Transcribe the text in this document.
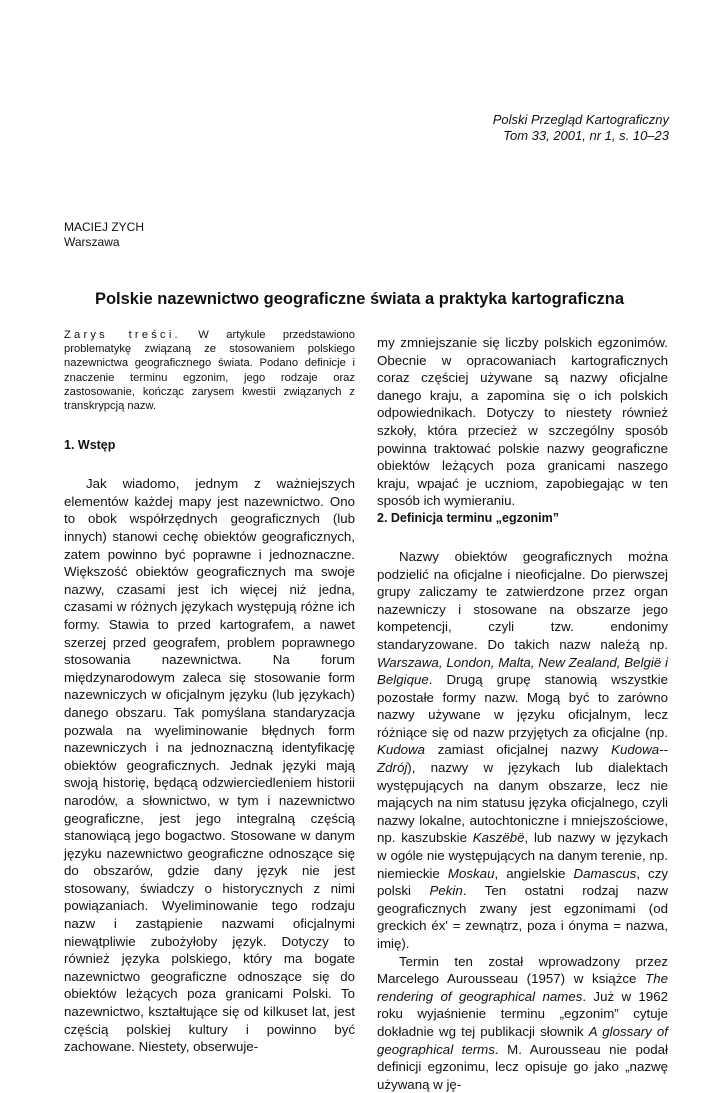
Polski Przegląd Kartograficzny
Tom 33, 2001, nr 1, s. 10–23
MACIEJ ZYCH
Warszawa
Polskie nazewnictwo geograficzne świata a praktyka kartograficzna

Zarys treści. W artykule przedstawiono problematykę związaną ze stosowaniem polskiego nazewnictwa geograficznego świata. Podano definicje i znaczenie terminu egzonim, jego rodzaje oraz zastosowanie, kończąc zarysem kwestii związanych z transkrypcją nazw.

1. Wstęp

Jak wiadomo, jednym z ważniejszych elementów każdej mapy jest nazewnictwo. Ono to obok współrzędnych geograficznych (lub innych) stanowi cechę obiektów geograficznych, zatem powinno być poprawne i jednoznaczne. Większość obiektów geograficznych ma swoje nazwy, czasami jest ich więcej niż jedna, czasami w różnych językach występują różne ich formy. Stawia to przed kartografem, a nawet szerzej przed geografem, problem poprawnego stosowania nazewnictwa. Na forum międzynarodowym zaleca się stosowanie form nazewniczych w oficjalnym języku (lub językach) danego obszaru. Tak pomyślana standaryzacja pozwala na wyeliminowanie błędnych form nazewniczych i na jednoznaczną identyfikację obiektów geograficznych. Jednak języki mają swoją historię, będącą odzwierciedleniem historii narodów, a słownictwo, w tym i nazewnictwo geograficzne, jest jego integralną częścią stanowiącą jego bogactwo. Stosowane w danym języku nazewnictwo geograficzne odnoszące się do obszarów, gdzie dany język nie jest stosowany, świadczy o historycznych z nimi powiązaniach. Wyeliminowanie tego rodzaju nazw i zastąpienie nazwami oficjalnymi niewątpliwie zubożyłoby język. Dotyczy to również języka polskiego, który ma bogate nazewnictwo geograficzne odnoszące się do obiektów leżących poza granicami Polski. To nazewnictwo, kształtujące się od kilkuset lat, jest częścią polskiej kultury i powinno być zachowane. Niestety, obserwuje-

my zmniejszanie się liczby polskich egzonimów. Obecnie w opracowaniach kartograficznych coraz częściej używane są nazwy oficjalne danego kraju, a zapomina się o ich polskich odpowiednikach. Dotyczy to niestety również szkoły, która przecież w szczególny sposób powinna traktować polskie nazwy geograficzne obiektów leżących poza granicami naszego kraju, wpajać je uczniom, zapobiegając w ten sposób ich wymieraniu.

2. Definicja terminu „egzonim”

Nazwy obiektów geograficznych można podzielić na oficjalne i nieoficjalne. Do pierwszej grupy zaliczamy te zatwierdzone przez organ nazewniczy i stosowane na obszarze jego kompetencji, czyli tzw. endonimy standaryzowane. Do takich nazw należą np. Warszawa, London, Malta, New Zealand, België i Belgique. Drugą grupę stanowią wszystkie pozostałe formy nazw. Mogą być to zarówno nazwy używane w języku oficjalnym, lecz różniące się od nazw przyjętych za oficjalne (np. Kudowa zamiast oficjalnej nazwy Kudowa--Zdrój), nazwy w językach lub dialektach występujących na danym obszarze, lecz nie mających na nim statusu języka oficjalnego, czyli nazwy lokalne, autochtoniczne i mniejszościowe, np. kaszubskie Kaszëbë, lub nazwy w językach w ogóle nie występujących na danym terenie, np. niemieckie Moskau, angielskie Damascus, czy polski Pekin. Ten ostatni rodzaj nazw geograficznych zwany jest egzonimami (od greckich éx' = zewnątrz, poza i ónyma = nazwa, imię).

Termin ten został wprowadzony przez Marcelego Aurousseau (1957) w książce The rendering of geographical names. Już w 1962 roku wyjaśnienie terminu „egzonim” cytuje dokładnie wg tej publikacji słownik A glossary of geographical terms. M. Aurousseau nie podał definicji egzonimu, lecz opisuje go jako „nazwę używaną w ję-
